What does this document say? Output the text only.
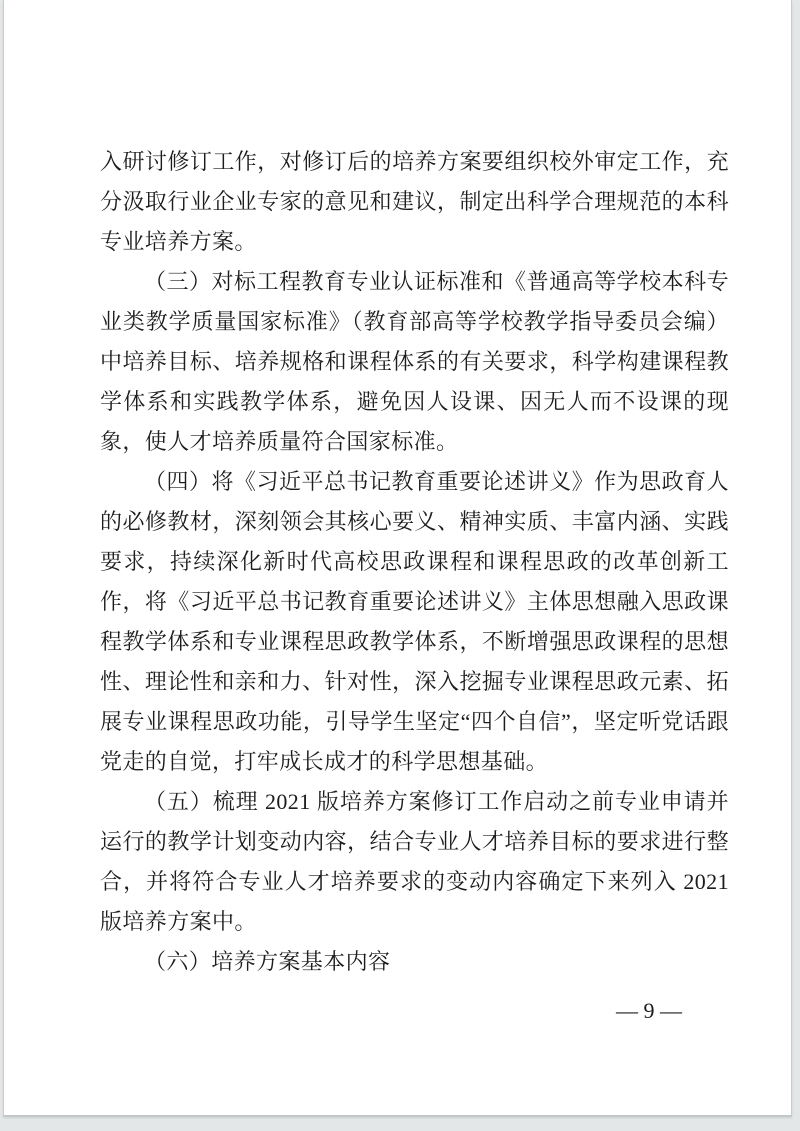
入研讨修订工作，对修订后的培养方案要组织校外审定工作，充分汲取行业企业专家的意见和建议，制定出科学合理规范的本科专业培养方案。

（三）对标工程教育专业认证标准和《普通高等学校本科专业类教学质量国家标准》（教育部高等学校教学指导委员会编）中培养目标、培养规格和课程体系的有关要求，科学构建课程教学体系和实践教学体系，避免因人设课、因无人而不设课的现象，使人才培养质量符合国家标准。

（四）将《习近平总书记教育重要论述讲义》作为思政育人的必修教材，深刻领会其核心要义、精神实质、丰富内涵、实践要求，持续深化新时代高校思政课程和课程思政的改革创新工作，将《习近平总书记教育重要论述讲义》主体思想融入思政课程教学体系和专业课程思政教学体系，不断增强思政课程的思想性、理论性和亲和力、针对性，深入挖掘专业课程思政元素、拓展专业课程思政功能，引导学生坚定“四个自信”，坚定听党话跟党走的自觉，打牢成长成才的科学思想基础。

（五）梳理 2021 版培养方案修订工作启动之前专业申请并运行的教学计划变动内容，结合专业人才培养目标的要求进行整合，并将符合专业人才培养要求的变动内容确定下来列入 2021 版培养方案中。

（六）培养方案基本内容

— 9 —
